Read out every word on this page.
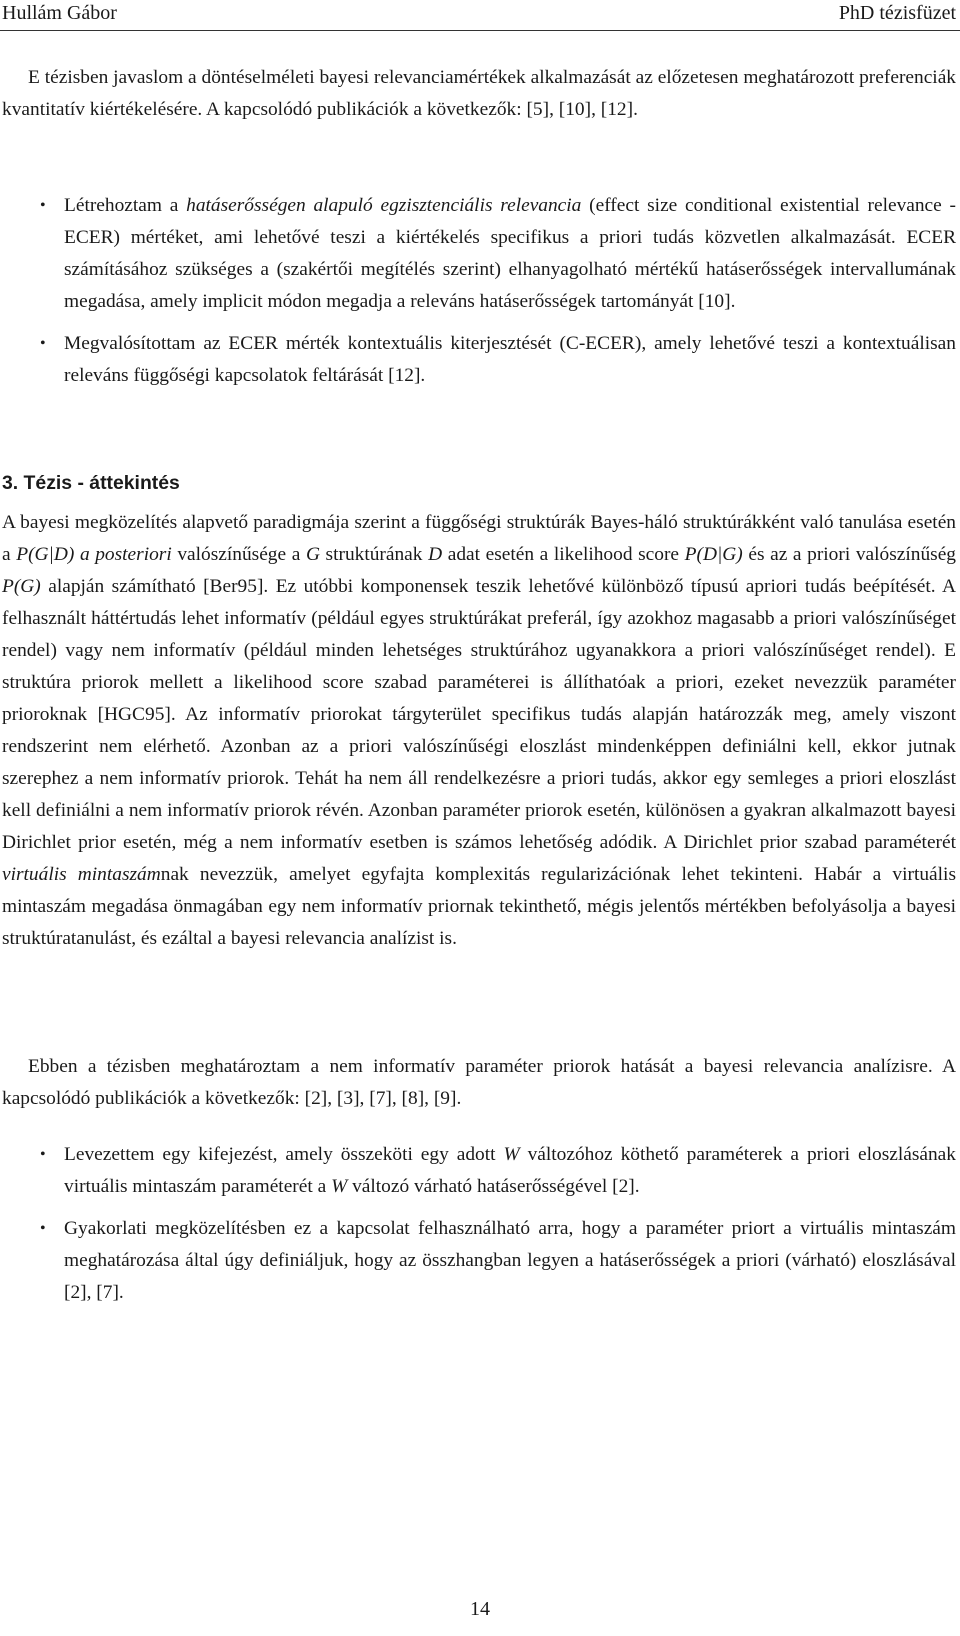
Hullám Gábor	PhD tézisfüzet

E tézisben javaslom a döntéselméleti bayesi relevanciamértékek alkalmazását az előzetesen meghatározott preferenciák kvantitatív kiértékelésére. A kapcsolódó publikációk a következők: [5], [10], [12].

• Létrehoztam a hatáserősségen alapuló egzisztenciális relevancia (effect size conditional existential relevance - ECER) mértéket, ami lehetővé teszi a kiértékelés specifikus a priori tudás közvetlen alkalmazását. ECER számításához szükséges a (szakértői megítélés szerint) elhanyagolható mértékű hatáserősségek intervallumának megadása, amely implicit módon megadja a releváns hatáserősségek tartományát [10].
• Megvalósítottam az ECER mérték kontextuális kiterjesztését (C-ECER), amely lehetővé teszi a kontextuálisan releváns függőségi kapcsolatok feltárását [12].
3. Tézis - áttekintés

A bayesi megközelítés alapvető paradigmája szerint a függőségi struktúrák Bayes-háló struktúrákként való tanulása esetén a P(G|D) a posteriori valószínűsége a G struktúrának D adat esetén a likelihood score P(D|G) és az a priori valószínűség P(G) alapján számítható [Ber95]. Ez utóbbi komponensek teszik lehetővé különböző típusú apriori tudás beépítését. A felhasznált háttértudás lehet informatív (például egyes struktúrákat preferál, így azokhoz magasabb a priori valószínűséget rendel) vagy nem informatív (például minden lehetséges struktúrához ugyanakkora a priori valószínűséget rendel). E struktúra priorok mellett a likelihood score szabad paraméterei is állíthatóak a priori, ezeket nevezzük paraméter prioroknak [HGC95]. Az informatív priorokat tárgyterület specifikus tudás alapján határozzák meg, amely viszont rendszerint nem elérhető. Azonban az a priori valószínűségi eloszlást mindenképpen definiálni kell, ekkor jutnak szerephez a nem informatív priorok. Tehát ha nem áll rendelkezésre a priori tudás, akkor egy semleges a priori eloszlást kell definiálni a nem informatív priorok révén. Azonban paraméter priorok esetén, különösen a gyakran alkalmazott bayesi Dirichlet prior esetén, még a nem informatív esetben is számos lehetőség adódik. A Dirichlet prior szabad paraméterét virtuális mintaszámnak nevezzük, amelyet egyfajta komplexitás regularizációnak lehet tekinteni. Habár a virtuális mintaszám megadása önmagában egy nem informatív priornak tekinthető, mégis jelentős mértékben befolyásolja a bayesi struktúratanulást, és ezáltal a bayesi relevancia analízist is.

Ebben a tézisben meghatároztam a nem informatív paraméter priorok hatását a bayesi relevancia analízisre. A kapcsolódó publikációk a következők: [2], [3], [7], [8], [9].

• Levezettem egy kifejezést, amely összeköti egy adott W változóhoz köthető paraméterek a priori eloszlásának virtuális mintaszám paraméterét a W változó várható hatáserősségével [2].
• Gyakorlati megközelítésben ez a kapcsolat felhasználható arra, hogy a paraméter priort a virtuális mintaszám meghatározása által úgy definiáljuk, hogy az összhangban legyen a hatáserősségek a priori (várható) eloszlásával [2], [7].
14
